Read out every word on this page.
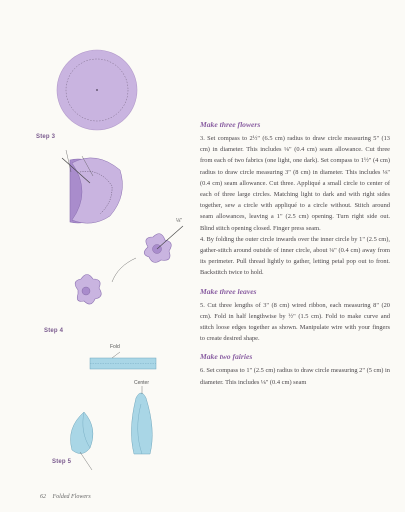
Step 3
Step 4
Step 5
Fold
Center
⅛"
Make three flowers

3. Set compass to 2½" (6.5 cm) radius to draw circle measuring 5" (13 cm) in diameter. This includes ⅛" (0.4 cm) seam allowance. Cut three from each of two fabrics (one light, one dark). Set compass to 1½" (4 cm) radius to draw circle measuring 3" (8 cm) in diameter. This includes ⅛" (0.4 cm) seam allowance. Cut three. Appliqué a small circle to center of each of three large circles. Matching light to dark and with right sides together, sew a circle with appliqué to a circle without. Stitch around seam allowances, leaving a 1" (2.5 cm) opening. Turn right side out. Blind stitch opening closed. Finger press seam.

4. By folding the outer circle inwards over the inner circle by 1" (2.5 cm), gather-stitch around outside of inner circle, about ⅛" (0.4 cm) away from its perimeter. Pull thread lightly to gather, letting petal pop out to front. Backstitch twice to hold.

Make three leaves

5. Cut three lengths of 3" (8 cm) wired ribbon, each measuring 8" (20 cm). Fold in half lengthwise by ½" (1.5 cm). Fold to make curve and stitch loose edges together as shown. Manipulate wire with your fingers to create desired shape.

Make two fairies

6. Set compass to 1" (2.5 cm) radius to draw circle measuring 2" (5 cm) in diameter. This includes ⅛" (0.4 cm) seam

62 Folded Flowers
